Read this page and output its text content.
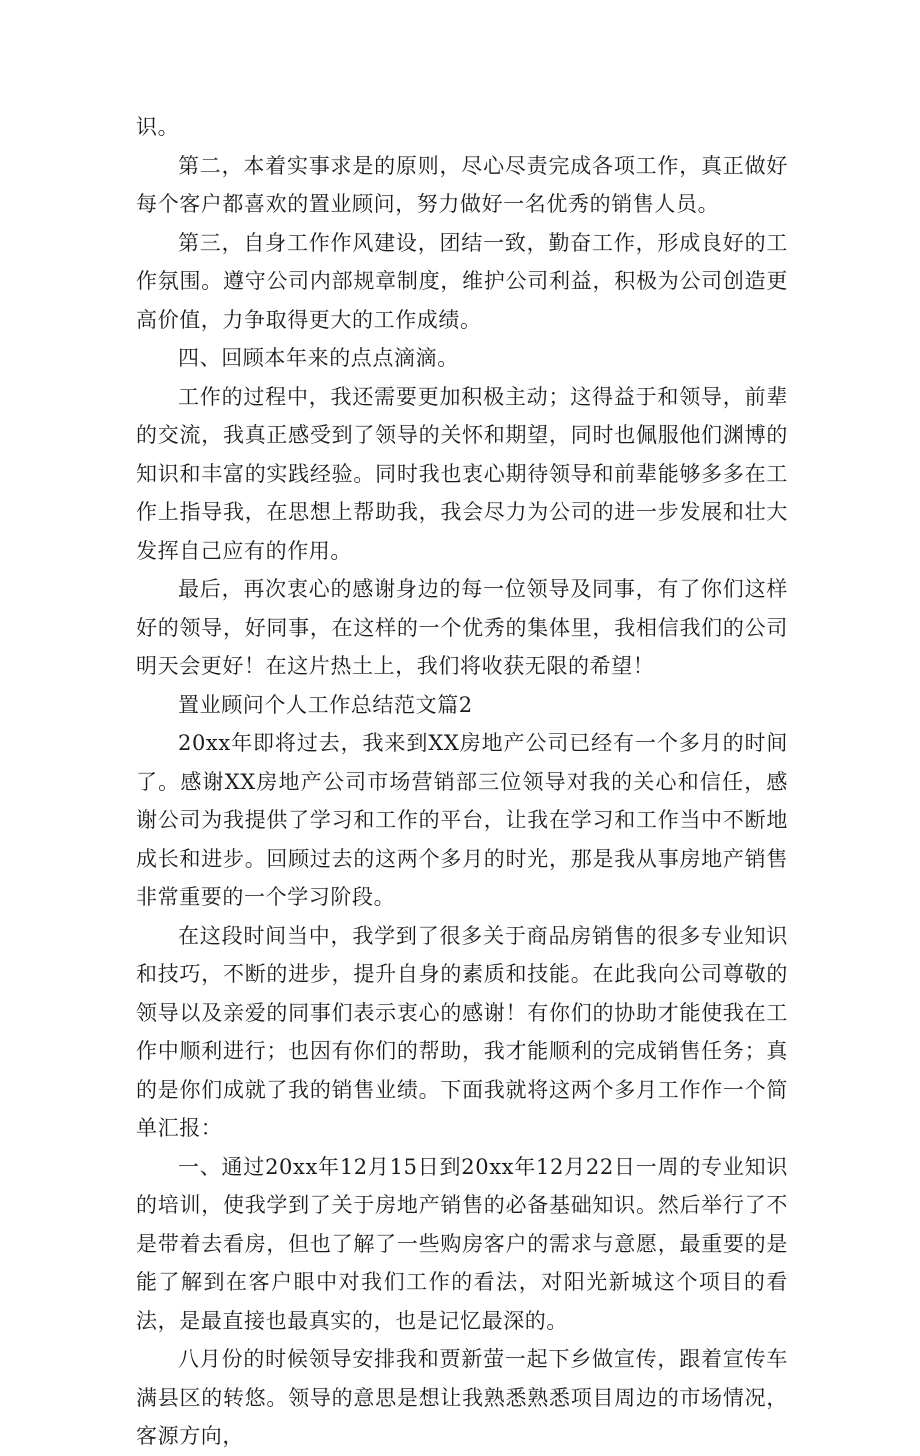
识。

第二，本着实事求是的原则，尽心尽责完成各项工作，真正做好每个客户都喜欢的置业顾问，努力做好一名优秀的销售人员。

第三，自身工作作风建设，团结一致，勤奋工作，形成良好的工作氛围。遵守公司内部规章制度，维护公司利益，积极为公司创造更高价值，力争取得更大的工作成绩。

四、回顾本年来的点点滴滴。

工作的过程中，我还需要更加积极主动；这得益于和领导，前辈的交流，我真正感受到了领导的关怀和期望，同时也佩服他们渊博的知识和丰富的实践经验。同时我也衷心期待领导和前辈能够多多在工作上指导我，在思想上帮助我，我会尽力为公司的进一步发展和壮大发挥自己应有的作用。

最后，再次衷心的感谢身边的每一位领导及同事，有了你们这样好的领导，好同事，在这样的一个优秀的集体里，我相信我们的公司明天会更好！在这片热土上，我们将收获无限的希望！

置业顾问个人工作总结范文篇2

20xx年即将过去，我来到XX房地产公司已经有一个多月的时间了。感谢XX房地产公司市场营销部三位领导对我的关心和信任，感谢公司为我提供了学习和工作的平台，让我在学习和工作当中不断地成长和进步。回顾过去的这两个多月的时光，那是我从事房地产销售非常重要的一个学习阶段。

在这段时间当中，我学到了很多关于商品房销售的很多专业知识和技巧，不断的进步，提升自身的素质和技能。在此我向公司尊敬的领导以及亲爱的同事们表示衷心的感谢！有你们的协助才能使我在工作中顺利进行；也因有你们的帮助，我才能顺利的完成销售任务；真的是你们成就了我的销售业绩。下面我就将这两个多月工作作一个简单汇报：

一、通过20xx年12月15日到20xx年12月22日一周的专业知识的培训，使我学到了关于房地产销售的必备基础知识。然后举行了不是带着去看房，但也了解了一些购房客户的需求与意愿，最重要的是能了解到在客户眼中对我们工作的看法，对阳光新城这个项目的看法，是最直接也最真实的，也是记忆最深的。

八月份的时候领导安排我和贾新萤一起下乡做宣传，跟着宣传车满县区的转悠。领导的意思是想让我熟悉熟悉项目周边的市场情况，客源方向，
